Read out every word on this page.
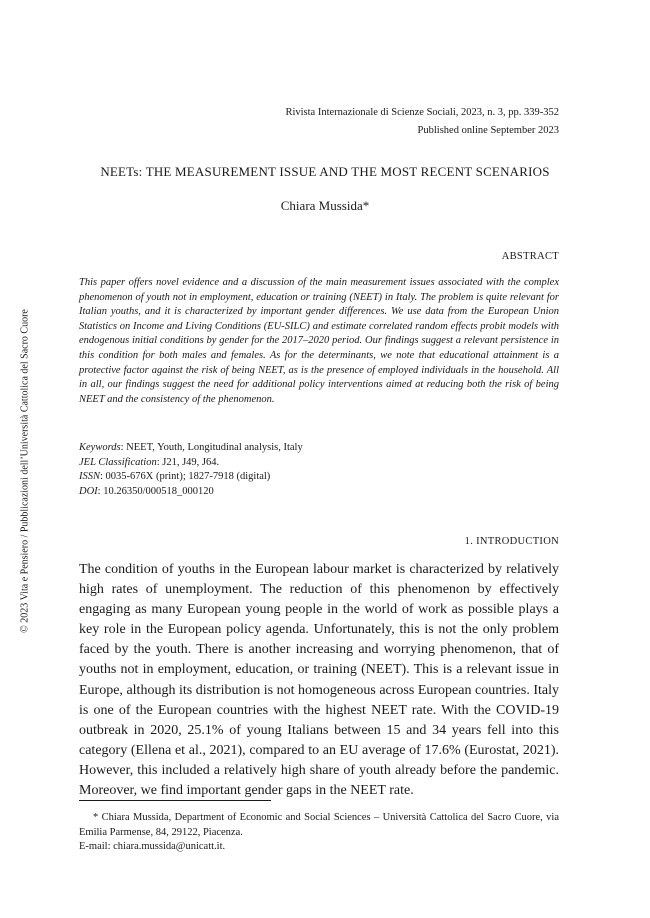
Rivista Internazionale di Scienze Sociali, 2023, n. 3, pp. 339-352
Published online September 2023
NEETs: THE MEASUREMENT ISSUE AND THE MOST RECENT SCENARIOS
Chiara Mussida*
ABSTRACT

This paper offers novel evidence and a discussion of the main measurement issues associated with the complex phenomenon of youth not in employment, education or training (NEET) in Italy. The problem is quite relevant for Italian youths, and it is characterized by important gender differences. We use data from the European Union Statistics on Income and Living Conditions (EU-SILC) and estimate correlated random effects probit models with endogenous initial conditions by gender for the 2017–2020 period. Our findings suggest a relevant persistence in this condition for both males and females. As for the determinants, we note that educational attainment is a protective factor against the risk of being NEET, as is the presence of employed individuals in the household. All in all, our findings suggest the need for additional policy interventions aimed at reducing both the risk of being NEET and the consistency of the phenomenon.

Keywords: NEET, Youth, Longitudinal analysis, Italy
JEL Classification: J21, J49, J64.
ISSN: 0035-676X (print); 1827-7918 (digital)
DOI: 10.26350/000518_000120
1. INTRODUCTION

The condition of youths in the European labour market is characterized by relatively high rates of unemployment. The reduction of this phenomenon by effectively engaging as many European young people in the world of work as possible plays a key role in the European policy agenda. Unfortunately, this is not the only problem faced by the youth. There is another increasing and worrying phenomenon, that of youths not in employment, education, or training (NEET). This is a relevant issue in Europe, although its distribution is not homogeneous across European countries. Italy is one of the European countries with the highest NEET rate. With the COVID-19 outbreak in 2020, 25.1% of young Italians between 15 and 34 years fell into this category (Ellena et al., 2021), compared to an EU average of 17.6% (Eurostat, 2021). However, this included a relatively high share of youth already before the pandemic. Moreover, we find important gender gaps in the NEET rate.

* Chiara Mussida, Department of Economic and Social Sciences – Università Cattolica del Sacro Cuore, via Emilia Parmense, 84, 29122, Piacenza.

E-mail: chiara.mussida@unicatt.it.

© 2023 Vita e Pensiero / Pubblicazioni dell’Università Cattolica del Sacro Cuore
